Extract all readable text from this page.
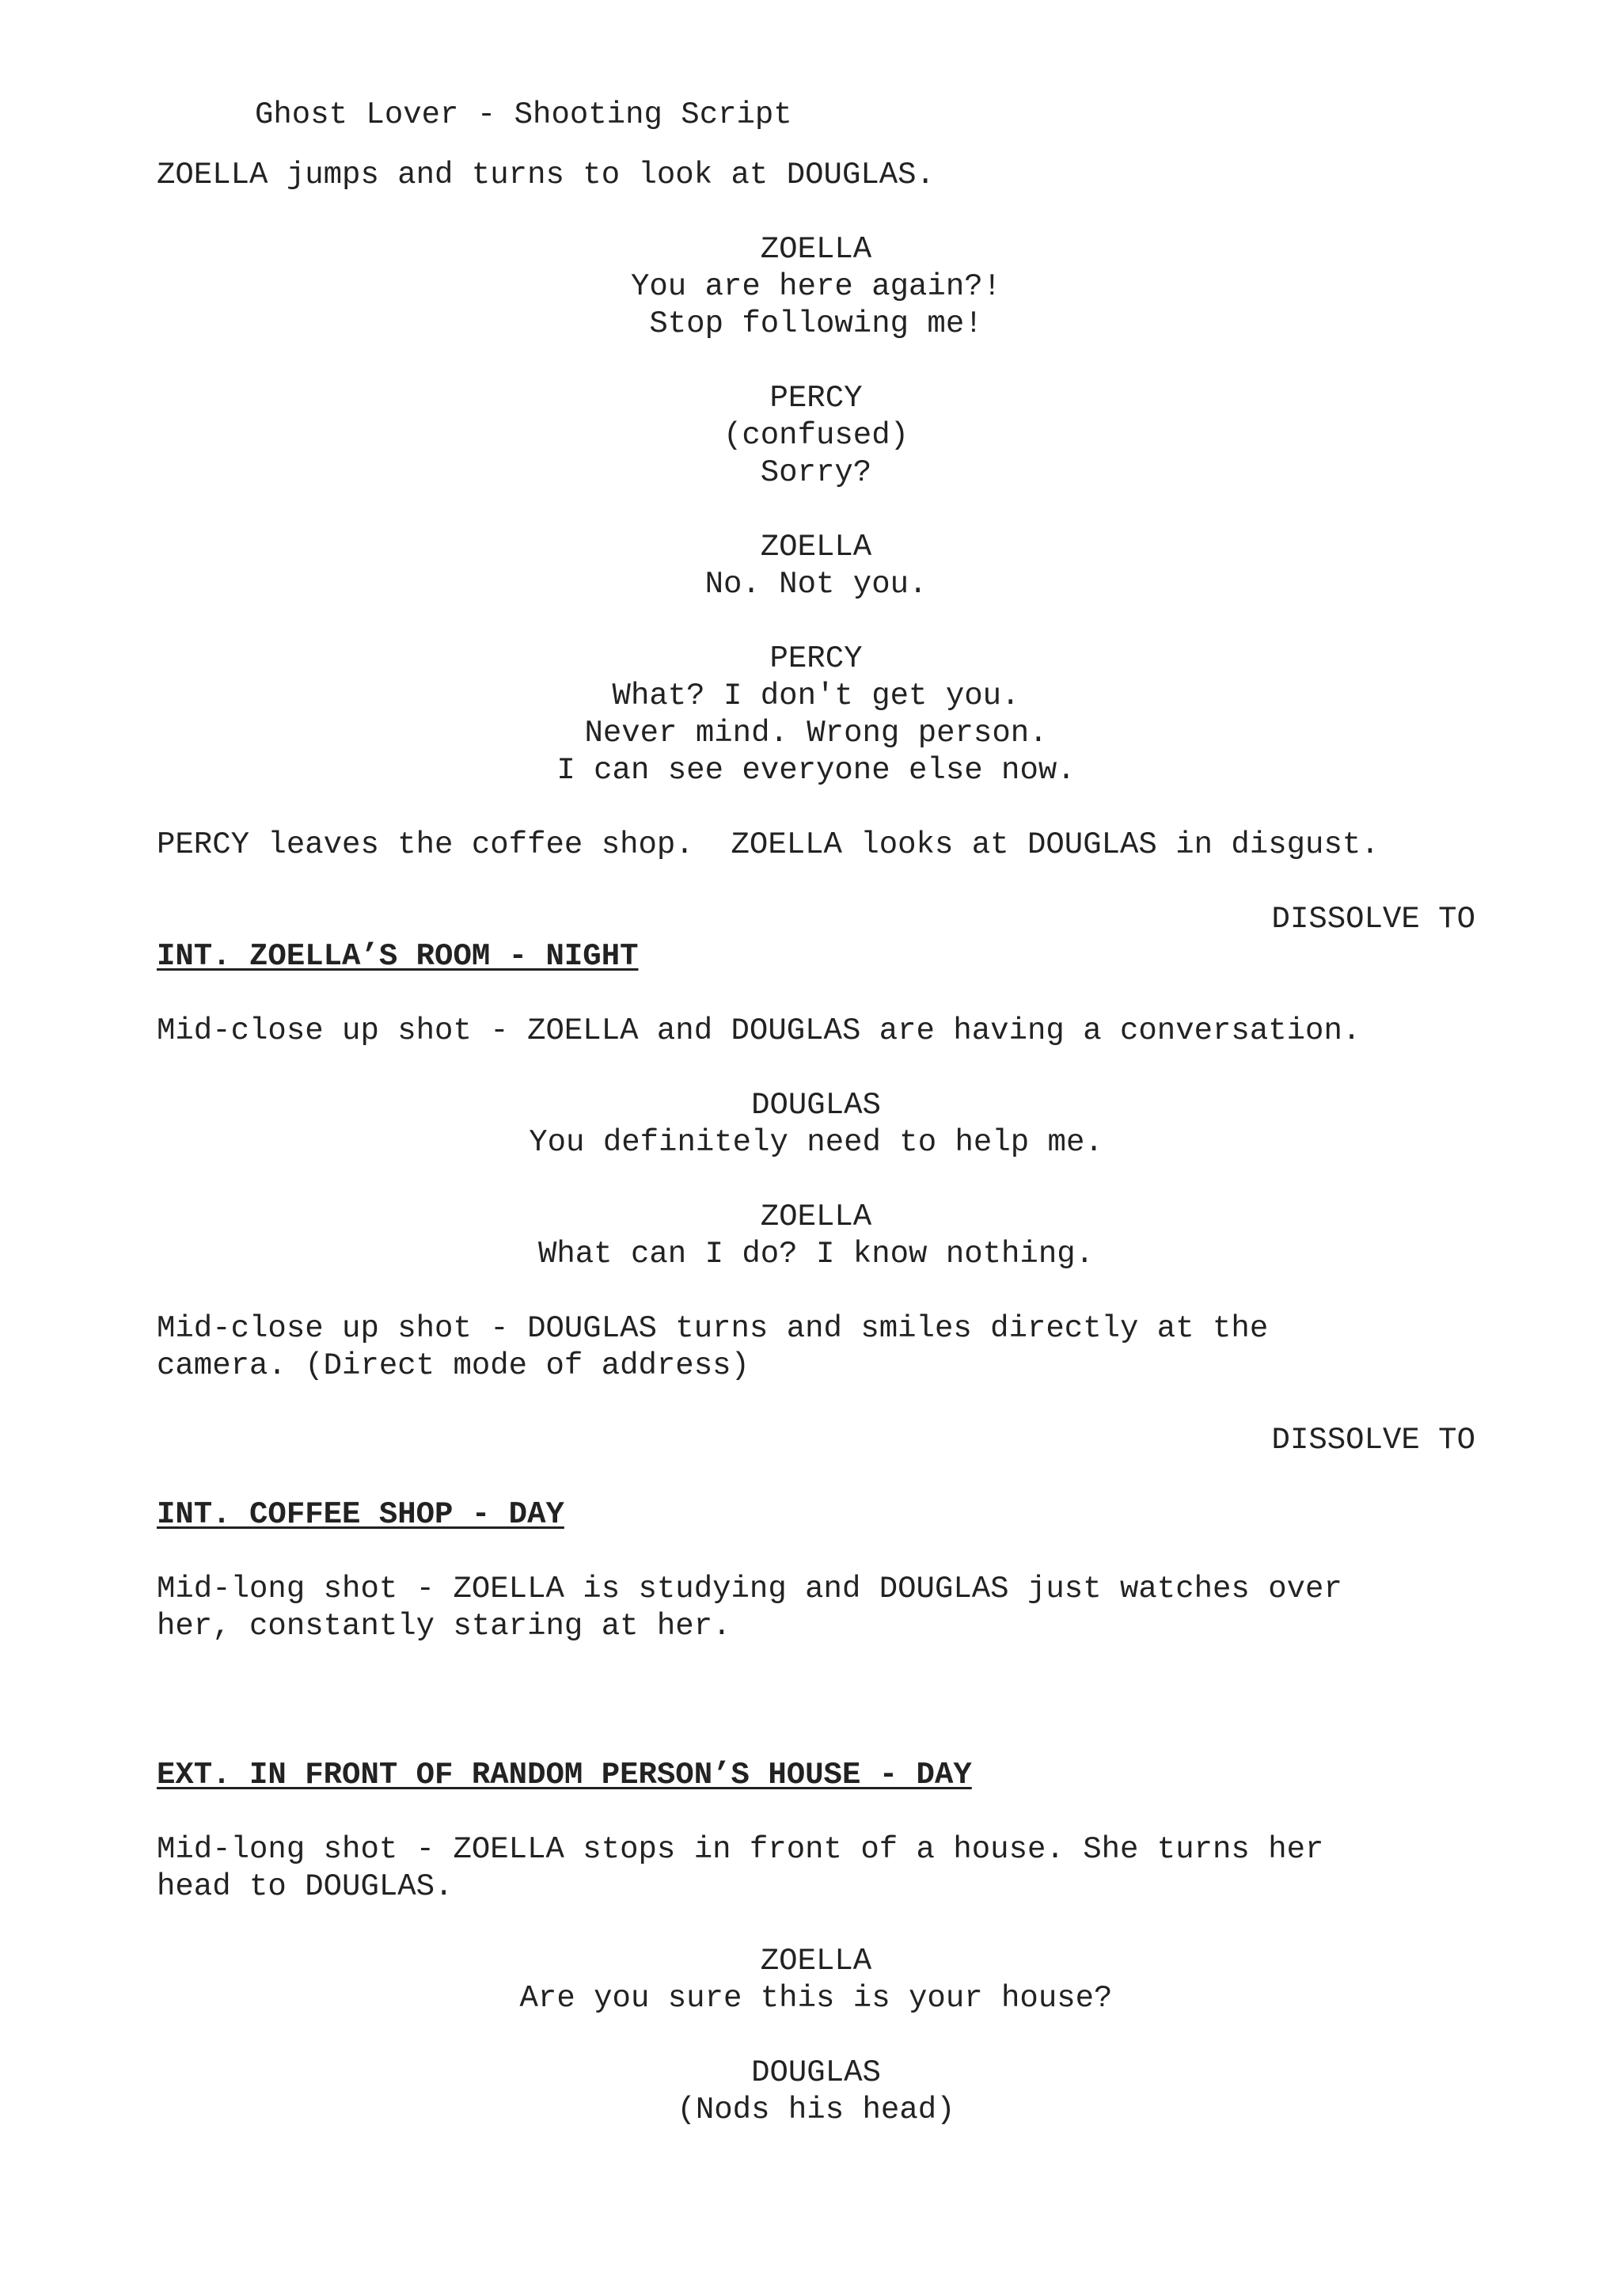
Ghost Lover - Shooting Script
ZOELLA jumps and turns to look at DOUGLAS.
ZOELLA
You are here again?!
Stop following me!
PERCY
(confused)
Sorry?
ZOELLA
No. Not you.
PERCY
What? I don't get you.
Never mind. Wrong person.
I can see everyone else now.
PERCY leaves the coffee shop.  ZOELLA looks at DOUGLAS in disgust.
DISSOLVE TO
INT. ZOELLA’S ROOM - NIGHT
Mid-close up shot - ZOELLA and DOUGLAS are having a conversation.
DOUGLAS
You definitely need to help me.
ZOELLA
What can I do? I know nothing.
Mid-close up shot - DOUGLAS turns and smiles directly at the
camera. (Direct mode of address)
DISSOLVE TO
INT. COFFEE SHOP - DAY
Mid-long shot - ZOELLA is studying and DOUGLAS just watches over
her, constantly staring at her.
EXT. IN FRONT OF RANDOM PERSON’S HOUSE - DAY
Mid-long shot - ZOELLA stops in front of a house. She turns her
head to DOUGLAS.
ZOELLA
Are you sure this is your house?
DOUGLAS
(Nods his head)
